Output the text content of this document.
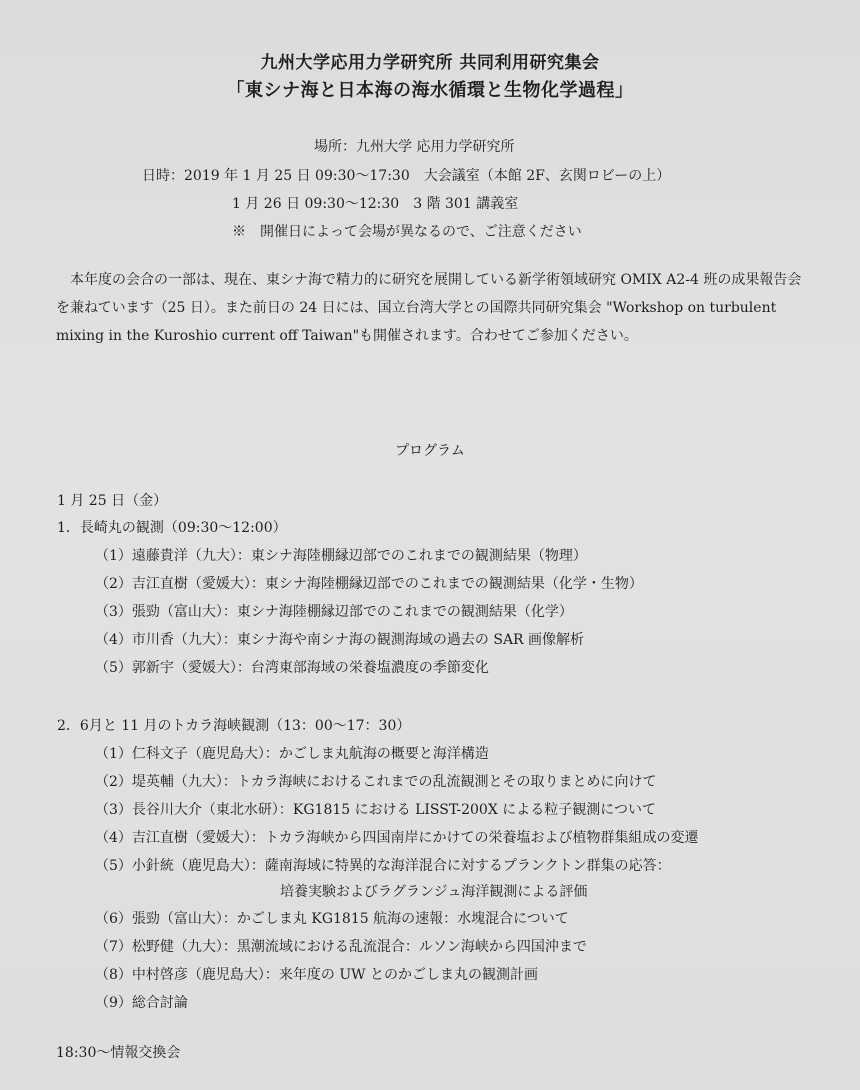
九州大学応用力学研究所 共同利用研究集会
「東シナ海と日本海の海水循環と生物化学過程」
場所：九州大学 応用力学研究所
日時：2019 年 1 月 25 日 09:30〜17:30　大会議室（本館 2F、玄関ロビーの上）
1 月 26 日 09:30〜12:30　3 階 301 講義室
※　開催日によって会場が異なるので、ご注意ください
本年度の会合の一部は、現在、東シナ海で精力的に研究を展開している新学術領域研究 OMIX A2-4 班の成果報告会を兼ねています（25 日）。また前日の 24 日には、国立台湾大学との国際共同研究集会 "Workshop on turbulent mixing in the Kuroshio current off Taiwan"も開催されます。合わせてご参加ください。
プログラム
1 月 25 日（金）
1．長崎丸の観測（09:30〜12:00）
（1）遠藤貴洋（九大）：東シナ海陸棚縁辺部でのこれまでの観測結果（物理）
（2）吉江直樹（愛媛大）：東シナ海陸棚縁辺部でのこれまでの観測結果（化学・生物）
（3）張勁（富山大）：東シナ海陸棚縁辺部でのこれまでの観測結果（化学）
（4）市川香（九大）：東シナ海や南シナ海の観測海域の過去の SAR 画像解析
（5）郭新宇（愛媛大）：台湾東部海域の栄養塩濃度の季節変化
2．6月と 11 月のトカラ海峡観測（13：00〜17：30）
（1）仁科文子（鹿児島大）：かごしま丸航海の概要と海洋構造
（2）堤英輔（九大）：トカラ海峡におけるこれまでの乱流観測とその取りまとめに向けて
（3）長谷川大介（東北水研）：KG1815 における LISST-200X による粒子観測について
（4）吉江直樹（愛媛大）：トカラ海峡から四国南岸にかけての栄養塩および植物群集組成の変遷
（5）小針統（鹿児島大）：薩南海域に特異的な海洋混合に対するプランクトン群集の応答：
培養実験およびラグランジュ海洋観測による評価
（6）張勁（富山大）：かごしま丸 KG1815 航海の速報：水塊混合について
（7）松野健（九大）：黒潮流域における乱流混合：ルソン海峡から四国沖まで
（8）中村啓彦（鹿児島大）：来年度の UW とのかごしま丸の観測計画
（9）総合討論
18:30〜情報交換会
